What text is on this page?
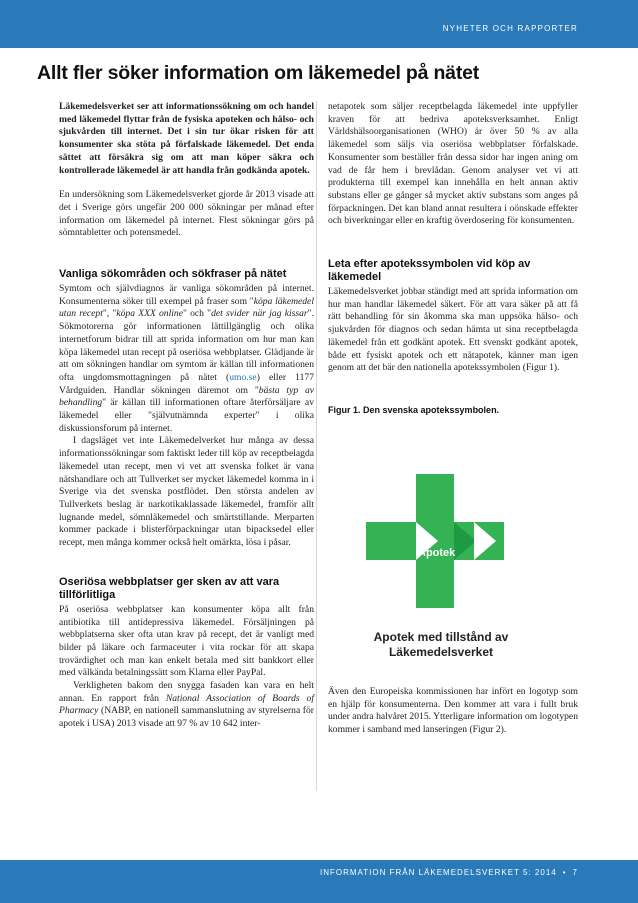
NYHETER OCH RAPPORTER
Allt fler söker information om läkemedel på nätet

Läkemedelsverket ser att informationssökning om och handel med läkemedel flyttar från de fysiska apoteken och hälso- och sjukvården till internet. Det i sin tur ökar risken för att konsumenter ska stöta på förfalskade läkemedel. Det enda sättet att försäkra sig om att man köper säkra och kontrollerade läkemedel är att handla från godkända apotek.

En undersökning som Läkemedelsverket gjorde år 2013 visade att det i Sverige görs ungefär 200 000 sökningar per månad efter information om läkemedel på internet. Flest sökningar görs på sömntabletter och potensmedel.

Vanliga sökområden och sökfraser på nätet

Symtom och självdiagnos är vanliga sökområden på internet. Konsumenterna söker till exempel på fraser som "köpa läkemedel utan recept", "köpa XXX online" och "det svider när jag kissar". Sökmotorerna gör informationen lättillgänglig och olika internetforum bidrar till att sprida information om hur man kan köpa läkemedel utan recept på oseriösa webbplatser. Glädjande är att om sökningen handlar om symtom är källan till informationen ofta ungdomsmottagningen på nätet (umo.se) eller 1177 Vårdguiden. Handlar sökningen däremot om "bästa typ av behandling" är källan till informationen oftare återförsäljare av läkemedel eller "självutnämnda experter" i olika diskussionsforum på internet.

I dagsläget vet inte Läkemedelverket hur många av dessa informationssökningar som faktiskt leder till köp av receptbelagda läkemedel utan recept, men vi vet att svenska folket är vana nätshandlare och att Tullverket ser mycket läkemedel komma in i Sverige via det svenska postflödet. Den största andelen av Tullverkets beslag är narkotikaklassade läkemedel, framför allt lugnande medel, sömnläkemedel och smärtstillande. Merparten kommer packade i blisterförpackningar utan bipacksedel eller recept, men många kommer också helt omärkta, lösa i påsar.

Oseriösa webbplatser ger sken av att vara tillförlitliga

På oseriösa webbplatser kan konsumenter köpa allt från antibiotika till antidepressiva läkemedel. Försäljningen på webbplatserna sker ofta utan krav på recept, det är vanligt med bilder på läkare och farmaceuter i vita rockar för att skapa trovärdighet och man kan enkelt betala med sitt bankkort eller med välkända betalningssätt som Klarna eller PayPal.

Verkligheten bakom den snygga fasaden kan vara en helt annan. En rapport från National Association of Boards of Pharmacy (NABP, en nationell sammanslutning av styrelserna för apotek i USA) 2013 visade att 97 % av 10 642 inter-

netapotek som säljer receptbelagda läkemedel inte uppfyller kraven för att bedriva apoteksverksamhet. Enligt Världshälsoorganisationen (WHO) är över 50 % av alla läkemedel som säljs via oseriösa webbplatser förfalskade. Konsumenter som beställer från dessa sidor har ingen aning om vad de får hem i brevlådan. Genom analyser vet vi att produkterna till exempel kan innehålla en helt annan aktiv substans eller ge gånger så mycket aktiv substans som anges på förpackningen. Det kan bland annat resultera i oönskade effekter och biverkningar eller en kraftig överdosering för konsumenten.

Leta efter apotekssymbolen vid köp av läkemedel

Läkemedelsverket jobbar ständigt med att sprida information om hur man handlar läkemedel säkert. För att vara säker på att få rätt behandling för sin åkomma ska man uppsöka hälso- och sjukvården för diagnos och sedan hämta ut sina receptbelagda läkemedel från ett godkänt apotek. Ett svenskt godkänt apotek, både ett fysiskt apotek och ett nätapotek, känner man igen genom att det bär den nationella apotekssymbolen (Figur 1).

Figur 1. Den svenska apotekssymbolen.
Apotek
Apotek med tillstånd av
Läkemedelsverket

Även den Europeiska kommissionen har infört en logotyp som en hjälp för konsumenterna. Den kommer att vara i fullt bruk under andra halvåret 2015. Ytterligare information om logotypen kommer i samband med lanseringen (Figur 2).

INFORMATION FRÅN LÄKEMEDELSVERKET 5: 2014 • 7
